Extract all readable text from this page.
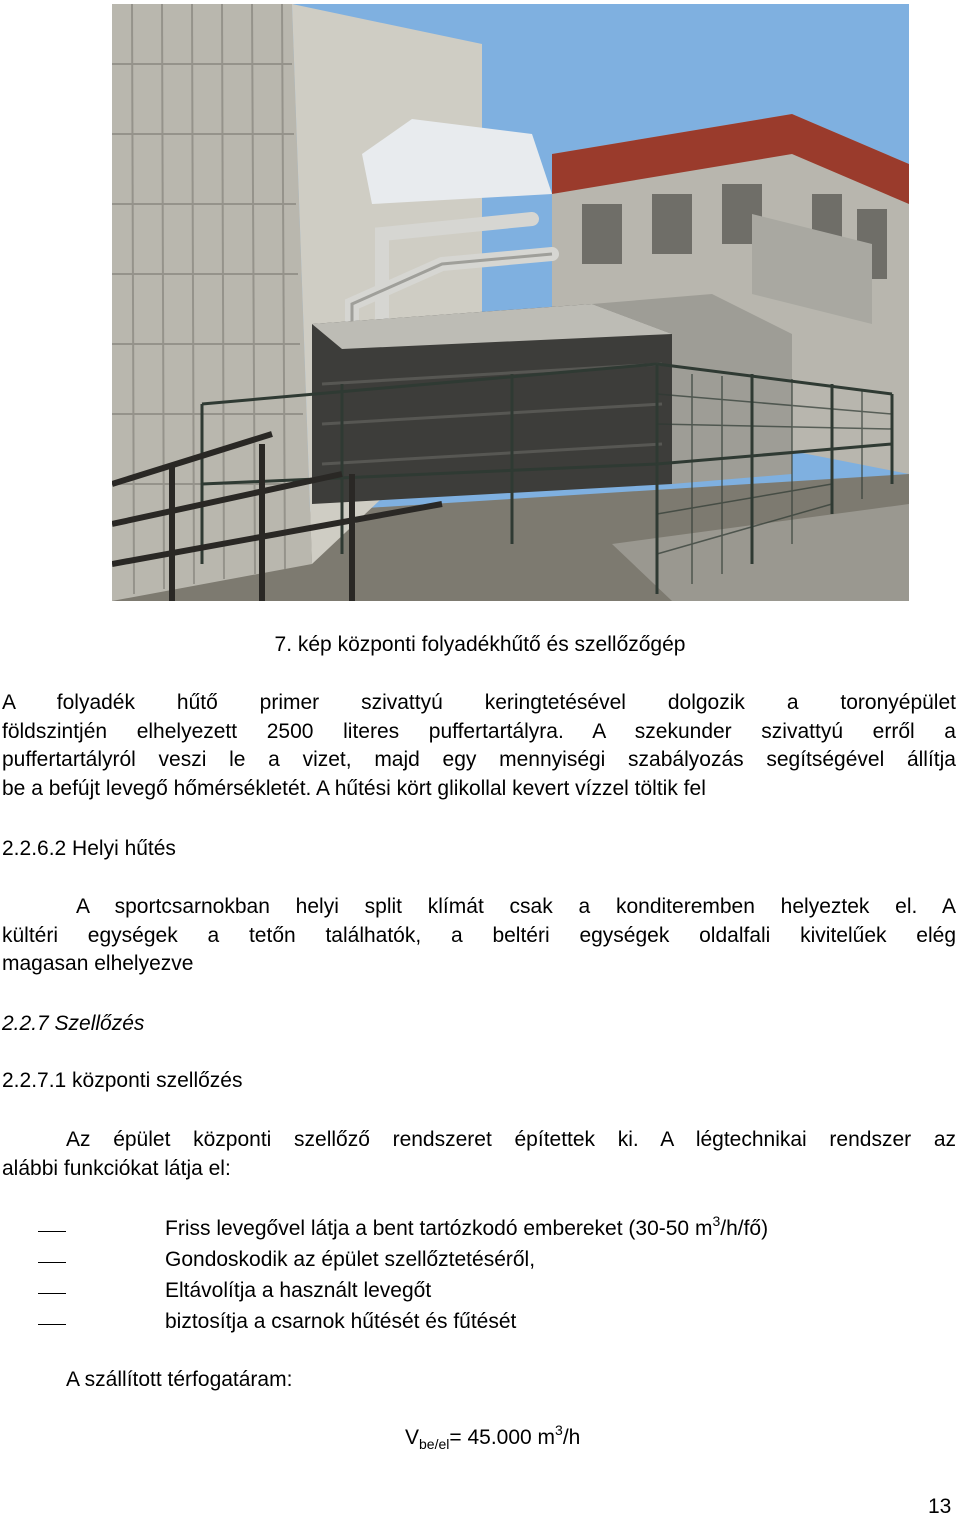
7. kép központi folyadékhűtő és szellőzőgép
A folyadék hűtő primer szivattyú keringtetésével dolgozik a toronyépület
földszintjén elhelyezett 2500 literes puffertartályra. A szekunder szivattyú erről a
puffertartályról veszi le a vizet, majd egy mennyiségi szabályozás segítségével állítja
be a befújt levegő hőmérsékletét. A hűtési kört glikollal kevert vízzel töltik fel
2.2.6.2 Helyi hűtés
A sportcsarnokban helyi split klímát csak a konditeremben helyeztek el. A
kültéri egységek a tetőn találhatók, a beltéri egységek oldalfali kivitelűek elég
magasan elhelyezve
2.2.7 Szellőzés
2.2.7.1 központi szellőzés
Az épület központi szellőző rendszeret építettek ki. A légtechnikai rendszer az
alábbi funkciókat látja el:
Friss levegővel látja a bent tartózkodó embereket (30-50 $m^3/h/fő$)
Gondoskodik az épület szellőztetéséről,
Eltávolítja a használt levegőt
biztosítja a csarnok hűtését és fűtését
A szállított térfogatáram:
$V_{be/el}= 45.000$ $m^3/h$
13
